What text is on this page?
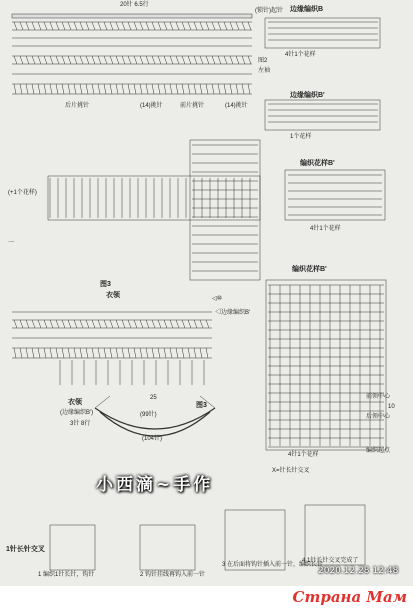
20针 6.5行
边缘编织B
(锁针)起针
图2
左袖
后片挑针	(14)挑针	前片挑针	(14)挑针
4针1个花样
边缘编织B'
1个花样
编织花样B'
4针1个花样
(+1个花样)
一
图3
衣领	◁⑩
◁边缘编织B'
编织花样B'
25
(99针)
(104针)
图3
衣领
(边缘编织B')
3针 8行
前领中心
后领中心
10
编织起点
4针1个花样
X=针长针交叉
1针长针交叉
1 编织1针长针，钩针	2 钩针挂线再钩入前一针
3 在后面将钩针插入前一针，编织长针
4 1针长针交叉完成了
小西滴~手作
2020.12.28 12:48
Страна Мам
